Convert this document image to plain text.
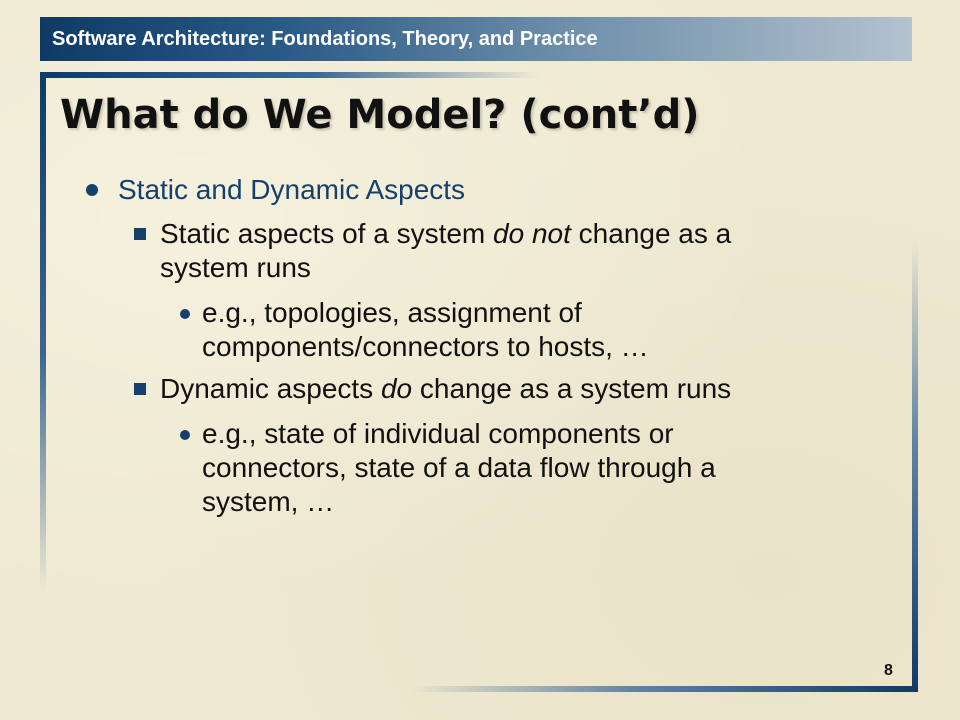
Software Architecture: Foundations, Theory, and Practice
What do We Model? (cont’d)
Static and Dynamic Aspects
Static aspects of a system do not change as a
system runs
e.g., topologies, assignment of
components/connectors to hosts, …
Dynamic aspects do change as a system runs
e.g., state of individual components or
connectors, state of a data flow through a
system, …
8
